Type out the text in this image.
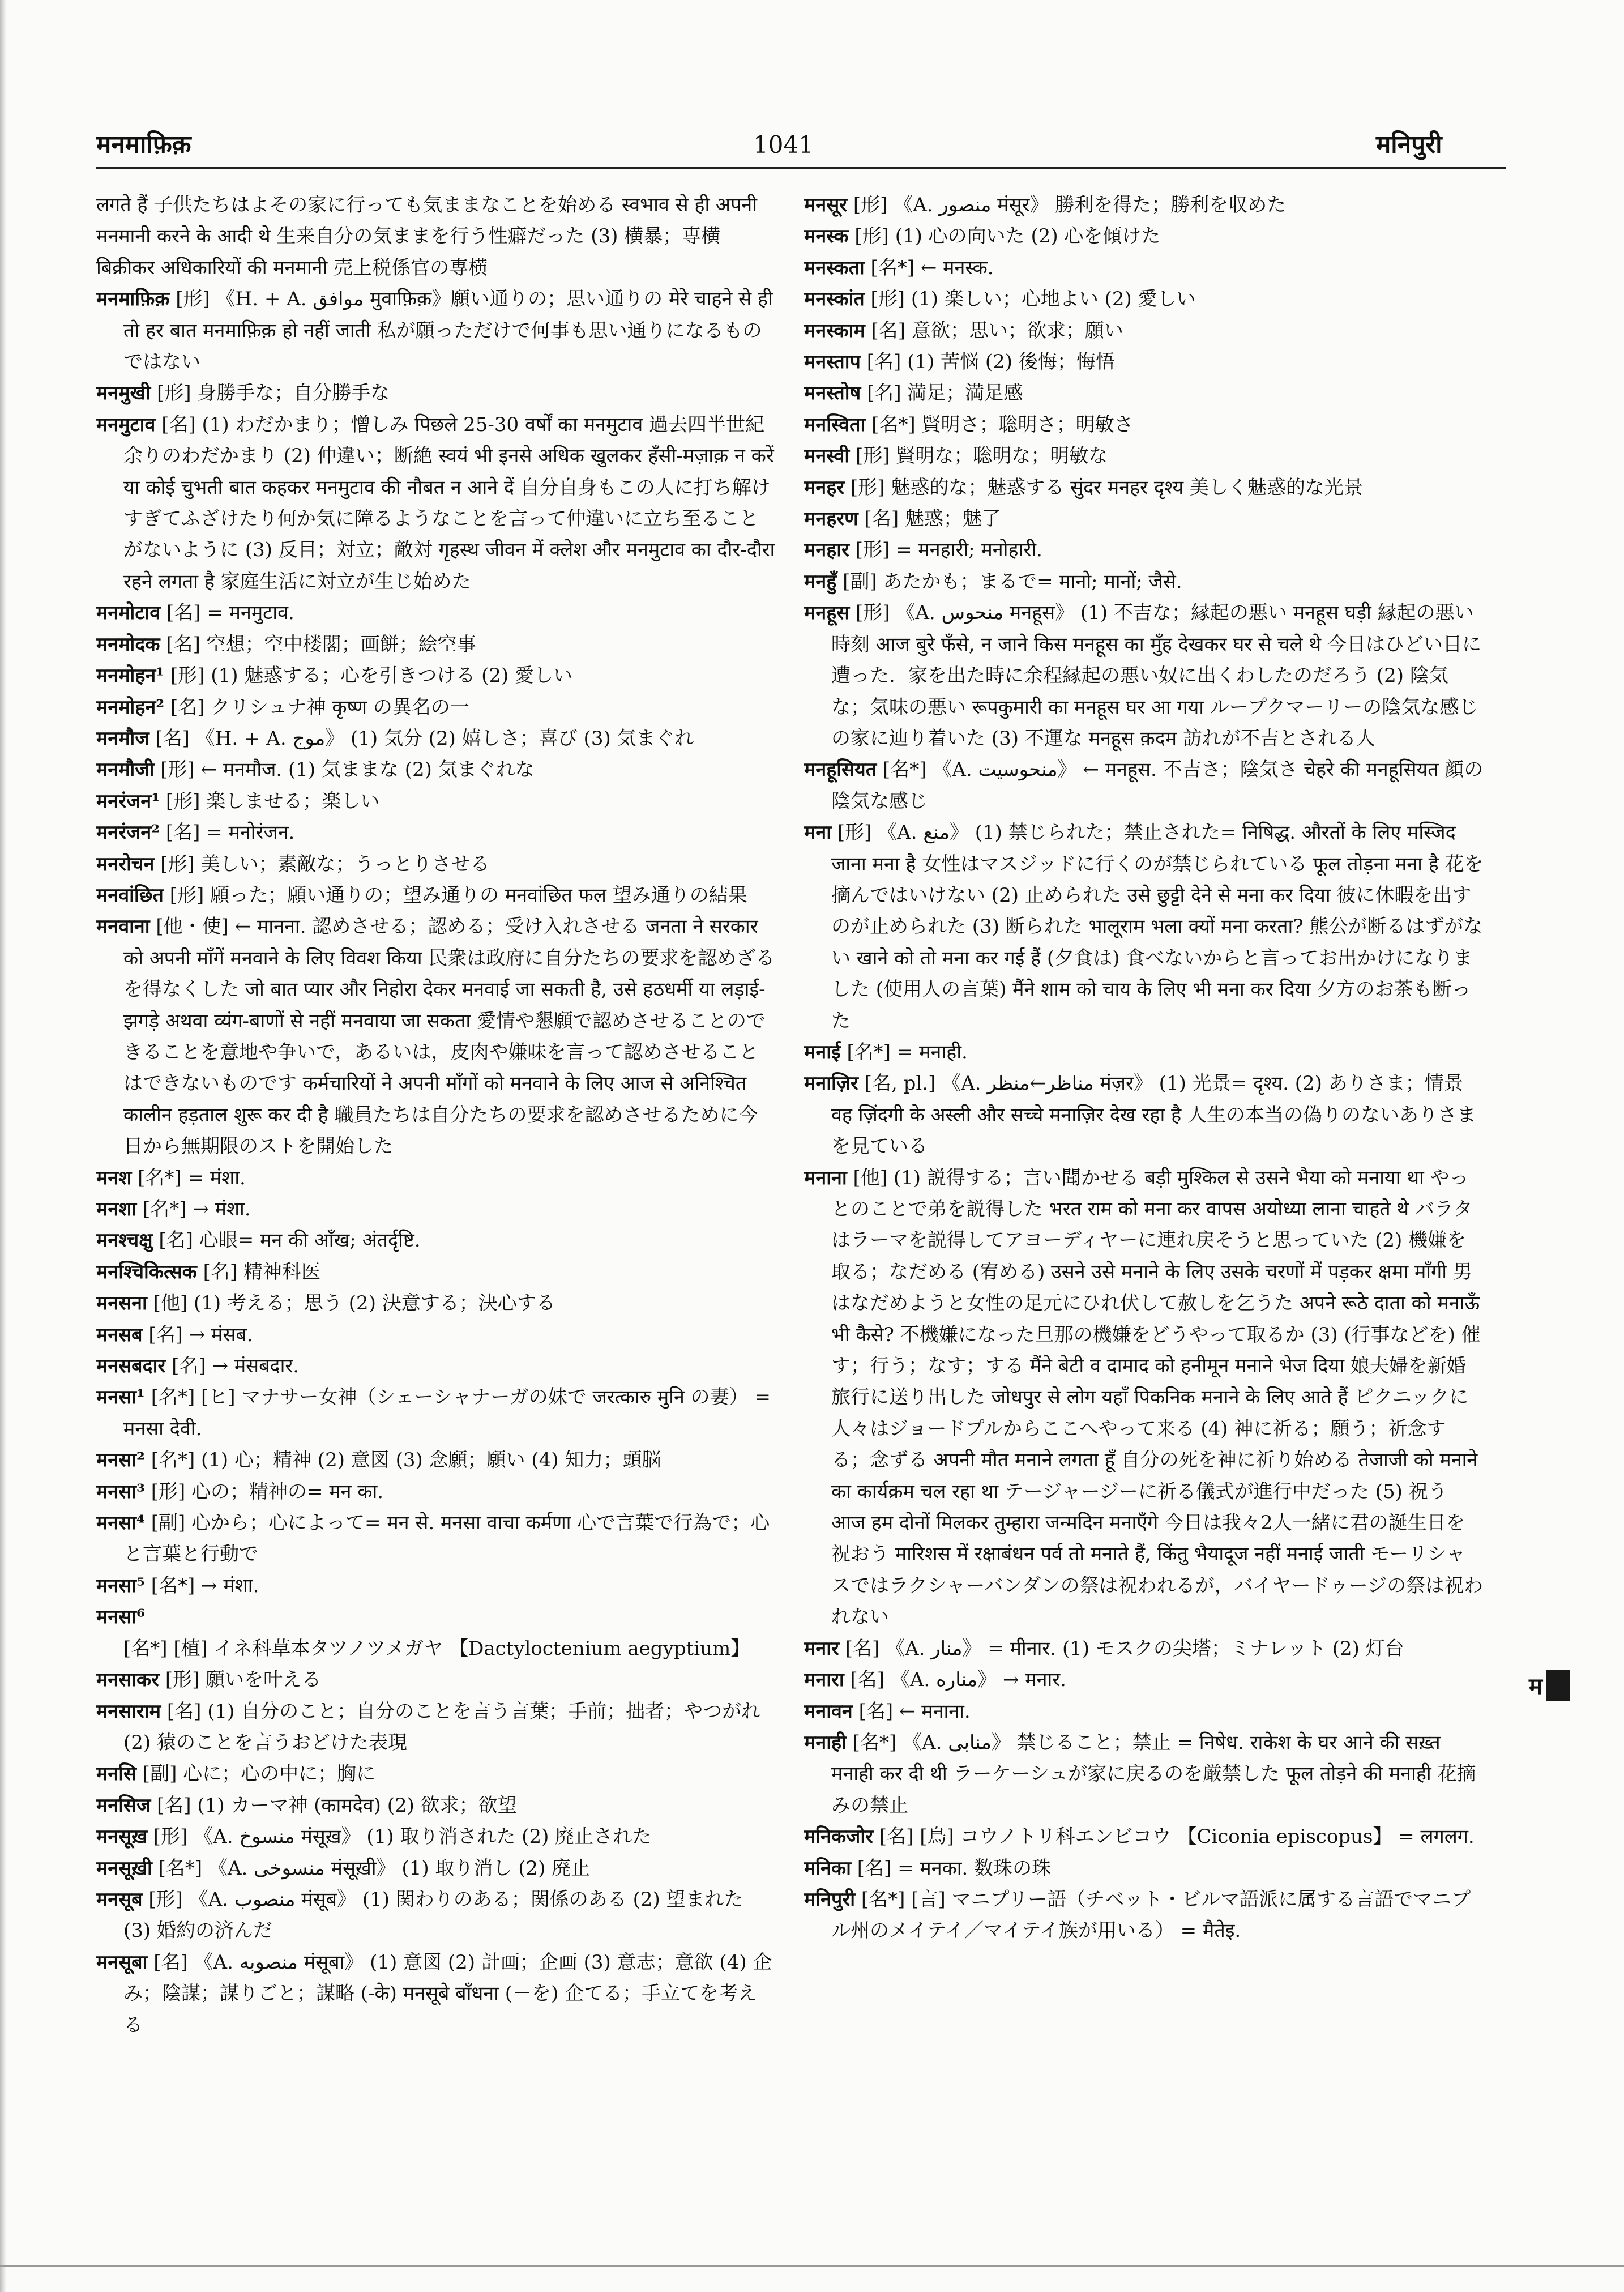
मनमाफ़िक़	1041	मनिपुरी

लगते हैं 子供たちはよその家に行っても気ままなことを始める स्वभाव से ही अपनी मनमानी करने के आदी थे 生来自分の気ままを行う性癖だった (3) 横暴；専横 बिक्रीकर अधिकारियों की मनमानी 売上税係官の専横

मनमाफ़िक़ [形] 《H. + A. موافق मुवाफ़िक़》願い通りの；思い通りの मेरे चाहने से ही तो हर बात मनमाफ़िक़ हो नहीं जाती 私が願っただけで何事も思い通りになるものではない

मनमुखी [形] 身勝手な；自分勝手な

मनमुटाव [名] (1) わだかまり；憎しみ पिछले 25-30 वर्षों का मनमुटाव 過去四半世紀余りのわだかまり (2) 仲違い；断絶 स्वयं भी इनसे अधिक खुलकर हँसी-मज़ाक़ न करें या कोई चुभती बात कहकर मनमुटाव की नौबत न आने दें 自分自身もこの人に打ち解けすぎてふざけたり何か気に障るようなことを言って仲違いに立ち至ることがないように (3) 反目；対立；敵対 गृहस्थ जीवन में क्लेश और मनमुटाव का दौर-दौरा रहने लगता है 家庭生活に対立が生じ始めた

मनमोटाव [名] = मनमुटाव.

मनमोदक [名] 空想；空中楼閣；画餅；絵空事

मनमोहन¹ [形] (1) 魅惑する；心を引きつける (2) 愛しい

मनमोहन² [名] クリシュナ神 कृष्ण の異名の一

मनमौज [名] 《H. + A. موج》 (1) 気分 (2) 嬉しさ；喜び (3) 気まぐれ

मनमौजी [形] ← मनमौज. (1) 気ままな (2) 気まぐれな

मनरंजन¹ [形] 楽しませる；楽しい

मनरंजन² [名] = मनोरंजन.

मनरोचन [形] 美しい；素敵な；うっとりさせる

मनवांछित [形] 願った；願い通りの；望み通りの मनवांछित फल 望み通りの結果

मनवाना [他・使] ← मानना. 認めさせる；認める；受け入れさせる जनता ने सरकार को अपनी माँगें मनवाने के लिए विवश किया 民衆は政府に自分たちの要求を認めざるを得なくした जो बात प्यार और निहोरा देकर मनवाई जा सकती है, उसे हठधर्मी या लड़ाई-झगड़े अथवा व्यंग-बाणों से नहीं मनवाया जा सकता 愛情や懇願で認めさせることのできることを意地や争いで，あるいは，皮肉や嫌味を言って認めさせることはできないものです कर्मचारियों ने अपनी माँगों को मनवाने के लिए आज से अनिश्चित कालीन हड़ताल शुरू कर दी है 職員たちは自分たちの要求を認めさせるために今日から無期限のストを開始した

मनश [名*] = मंशा.

मनशा [名*] → मंशा.

मनश्चक्षु [名] 心眼= मन की आँख; अंतर्दृष्टि.

मनश्चिकित्सक [名] 精神科医

मनसना [他] (1) 考える；思う (2) 決意する；決心する

मनसब [名] → मंसब.

मनसबदार [名] → मंसबदार.

मनसा¹ [名*] [ヒ] マナサー女神（シェーシャナーガの妹で जरत्कारु मुनि の妻） = मनसा देवी.

मनसा² [名*] (1) 心；精神 (2) 意図 (3) 念願；願い (4) 知力；頭脳

मनसा³ [形] 心の；精神の= मन का.

मनसा⁴ [副] 心から；心によって= मन से. मनसा वाचा कर्मणा 心で言葉で行為で；心と言葉と行動で

मनसा⁵ [名*] → मंशा.

मनसा⁶ [名*] [植] イネ科草本タツノツメガヤ 【Dactyloctenium aegyptium】

मनसाकर [形] 願いを叶える

मनसाराम [名] (1) 自分のこと；自分のことを言う言葉；手前；拙者；やつがれ (2) 猿のことを言うおどけた表現

मनसि [副] 心に；心の中に；胸に

मनसिज [名] (1) カーマ神 (कामदेव) (2) 欲求；欲望

मनसूख़ [形] 《A. منسوخ मंसूख़》 (1) 取り消された (2) 廃止された

मनसूख़ी [名*] 《A. منسوخى मंसूख़ी》 (1) 取り消し (2) 廃止

मनसूब [形] 《A. منصوب मंसूब》 (1) 関わりのある；関係のある (2) 望まれた (3) 婚約の済んだ

मनसूबा [名] 《A. منصوبه मंसूबा》 (1) 意図 (2) 計画；企画 (3) 意志；意欲 (4) 企み；陰謀；謀りごと；謀略 (-के) मनसूबे बाँधना (－を) 企てる；手立てを考える

मनसूर [形] 《A. منصور मंसूर》 勝利を得た；勝利を収めた

मनस्क [形] (1) 心の向いた (2) 心を傾けた

मनस्कता [名*] ← मनस्क.

मनस्कांत [形] (1) 楽しい；心地よい (2) 愛しい

मनस्काम [名] 意欲；思い；欲求；願い

मनस्ताप [名] (1) 苦悩 (2) 後悔；悔悟

मनस्तोष [名] 満足；満足感

मनस्विता [名*] 賢明さ；聡明さ；明敏さ

मनस्वी [形] 賢明な；聡明な；明敏な

मनहर [形] 魅惑的な；魅惑する सुंदर मनहर दृश्य 美しく魅惑的な光景

मनहरण [名] 魅惑；魅了

मनहार [形] = मनहारी; मनोहारी.

मनहुँ [副] あたかも；まるで= मानो; मानों; जैसे.

मनहूस [形] 《A. منحوس मनहूस》 (1) 不吉な；縁起の悪い मनहूस घड़ी 縁起の悪い時刻 आज बुरे फँसे, न जाने किस मनहूस का मुँह देखकर घर से चले थे 今日はひどい目に遭った．家を出た時に余程縁起の悪い奴に出くわしたのだろう (2) 陰気な；気味の悪い रूपकुमारी का मनहूस घर आ गया ループクマーリーの陰気な感じの家に辿り着いた (3) 不運な मनहूस क़दम 訪れが不吉とされる人

मनहूसियत [名*] 《A. منحوسيت》 ← मनहूस. 不吉さ；陰気さ चेहरे की मनहूसियत 顔の陰気な感じ

मना [形] 《A. منع》 (1) 禁じられた；禁止された= निषिद्ध. औरतों के लिए मस्जिद जाना मना है 女性はマスジッドに行くのが禁じられている फूल तोड़ना मना है 花を摘んではいけない (2) 止められた उसे छुट्टी देने से मना कर दिया 彼に休暇を出すのが止められた (3) 断られた भालूराम भला क्यों मना करता? 熊公が断るはずがない खाने को तो मना कर गई हैं (夕食は) 食べないからと言ってお出かけになりました (使用人の言葉) मैंने शाम को चाय के लिए भी मना कर दिया 夕方のお茶も断った

मनाई [名*] = मनाही.

मनाज़िर [名, pl.] 《A. مناظر←منظر मंज़र》 (1) 光景= दृश्य. (2) ありさま；情景 वह ज़िंदगी के अस्ली और सच्चे मनाज़िर देख रहा है 人生の本当の偽りのないありさまを見ている

मनाना [他] (1) 説得する；言い聞かせる बड़ी मुश्किल से उसने भैया को मनाया था やっとのことで弟を説得した भरत राम को मना कर वापस अयोध्या लाना चाहते थे バラタはラーマを説得してアヨーディヤーに連れ戻そうと思っていた (2) 機嫌を取る；なだめる (宥める) उसने उसे मनाने के लिए उसके चरणों में पड़कर क्षमा माँगी 男はなだめようと女性の足元にひれ伏して赦しを乞うた अपने रूठे दाता को मनाऊँ भी कैसे? 不機嫌になった旦那の機嫌をどうやって取るか (3) (行事などを) 催す；行う；なす；する मैंने बेटी व दामाद को हनीमून मनाने भेज दिया 娘夫婦を新婚旅行に送り出した जोधपुर से लोग यहाँ पिकनिक मनाने के लिए आते हैं ピクニックに人々はジョードプルからここへやって来る (4) 神に祈る；願う；祈念する；念ずる अपनी मौत मनाने लगता हूँ 自分の死を神に祈り始める तेजाजी को मनाने का कार्यक्रम चल रहा था テージャージーに祈る儀式が進行中だった (5) 祝う आज हम दोनों मिलकर तुम्हारा जन्मदिन मनाएँगे 今日は我々2人一緒に君の誕生日を祝おう मारिशस में रक्षाबंधन पर्व तो मनाते हैं, किंतु भैयादूज नहीं मनाई जाती モーリシャスではラクシャーバンダンの祭は祝われるが，バイヤードゥージの祭は祝われない

मनार [名] 《A. منار》 = मीनार. (1) モスクの尖塔；ミナレット (2) 灯台

मनारा [名] 《A. مناره》 → मनार.

मनावन [名] ← मनाना.

मनाही [名*] 《A. منابى》 禁じること；禁止 = निषेध. राकेश के घर आने की सख़्त मनाही कर दी थी ラーケーシュが家に戻るのを厳禁した फूल तोड़ने की मनाही 花摘みの禁止

मनिकजोर [名] [鳥] コウノトリ科エンビコウ 【Ciconia episcopus】 = लगलग.

मनिका [名] = मनका. 数珠の珠

मनिपुरी [名*] [言] マニプリー語（チベット・ビルマ語派に属する言語でマニプル州のメイテイ／マイテイ族が用いる） = मैतेइ.

म
